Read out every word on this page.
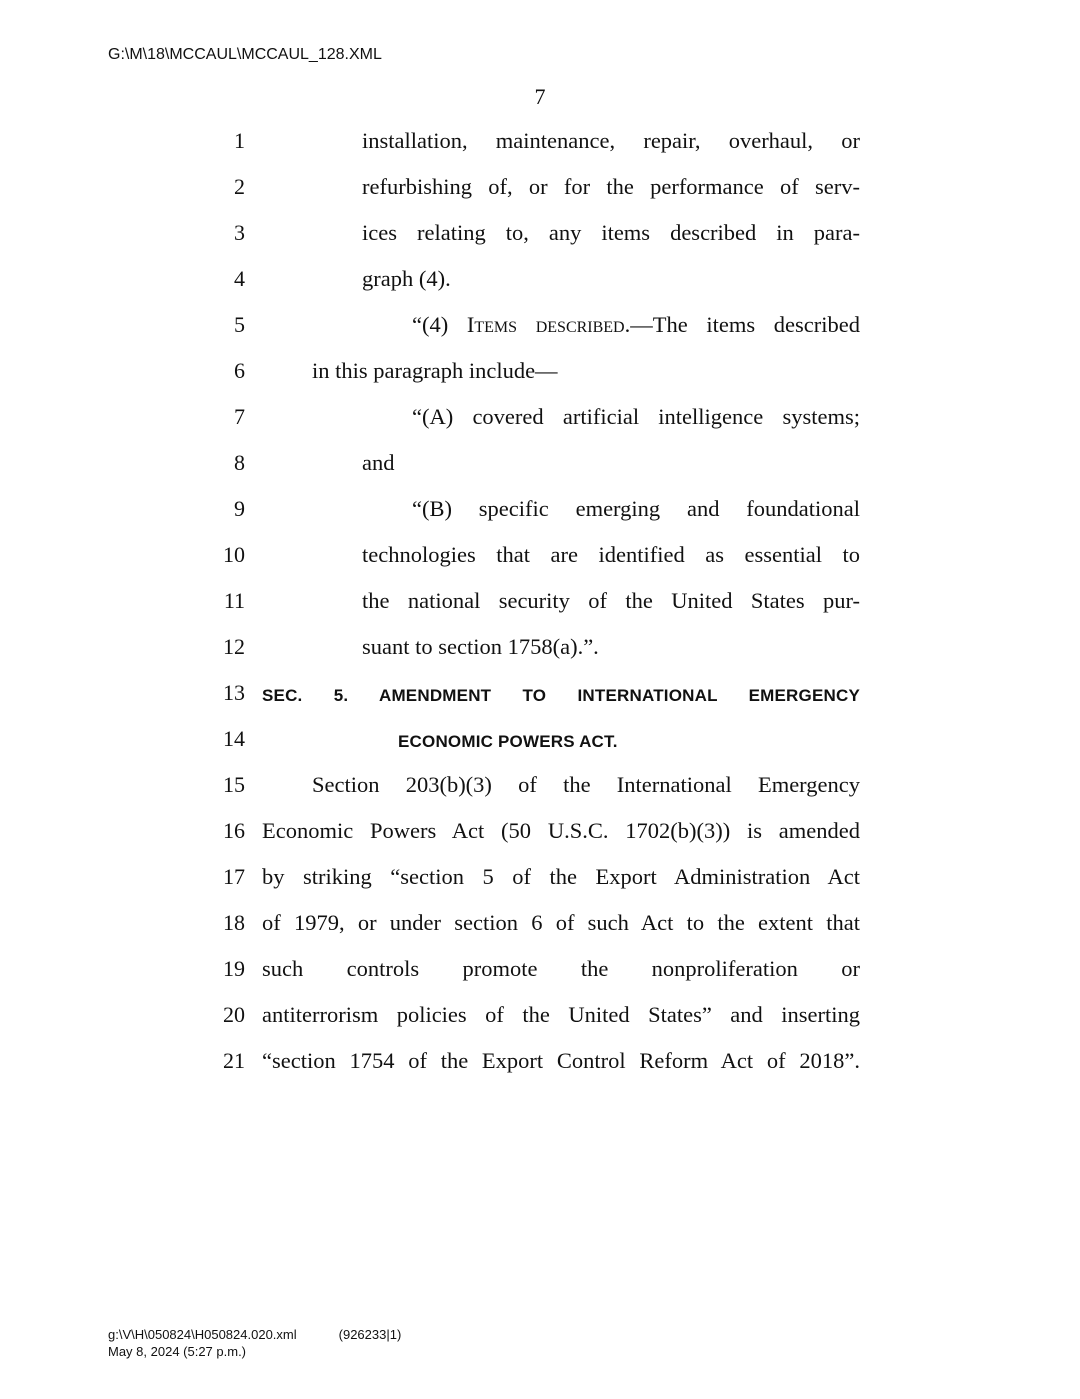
G:\M\18\MCCAUL\MCCAUL_128.XML
7
1	installation, maintenance, repair, overhaul, or
2	refurbishing of, or for the performance of serv-
3	ices relating to, any items described in para-
4	graph (4).
5	“(4) Items described.—The items described
6	in this paragraph include—
7	“(A) covered artificial intelligence systems;
8	and
9	“(B) specific emerging and foundational
10	technologies that are identified as essential to
11	the national security of the United States pur-
12	suant to section 1758(a).”.
13 SEC. 5. AMENDMENT TO INTERNATIONAL EMERGENCY
14	ECONOMIC POWERS ACT.
15	Section 203(b)(3) of the International Emergency
16 Economic Powers Act (50 U.S.C. 1702(b)(3)) is amended
17 by striking “section 5 of the Export Administration Act
18 of 1979, or under section 6 of such Act to the extent that
19 such controls promote the nonproliferation or
20 antiterrorism policies of the United States” and inserting
21 “section 1754 of the Export Control Reform Act of 2018”.
g:\V\H\050824\H050824.020.xml	(926233|1)
May 8, 2024 (5:27 p.m.)
